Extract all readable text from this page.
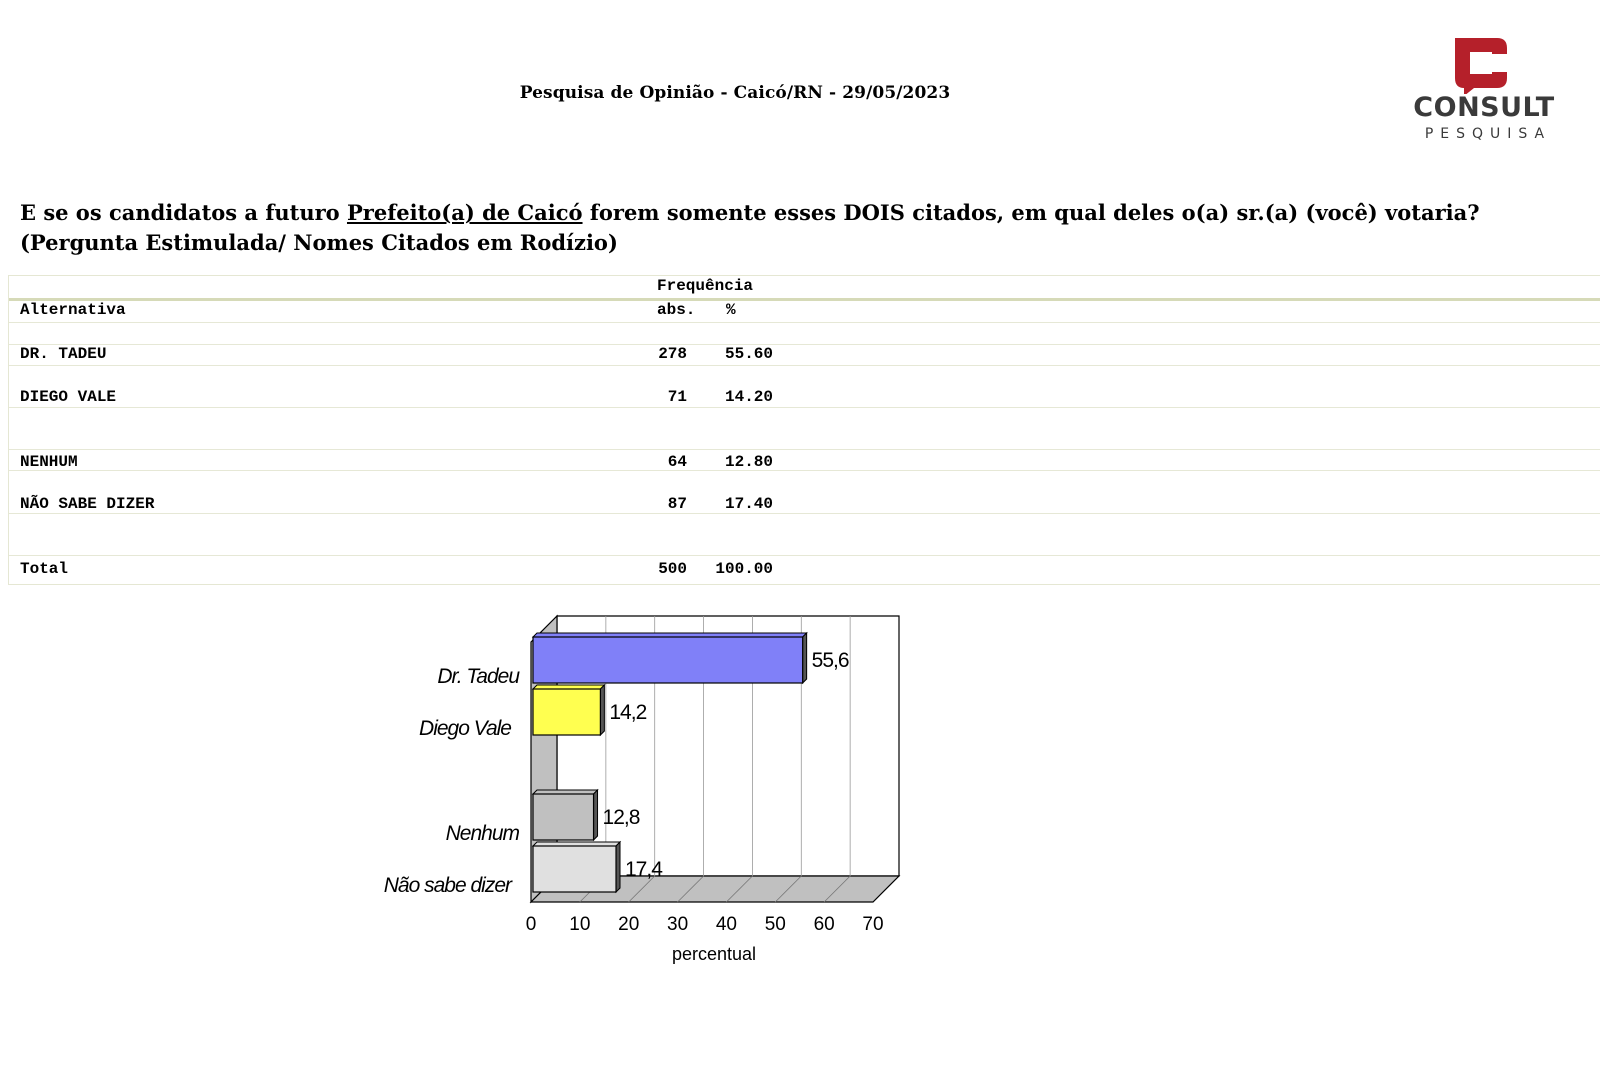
Pesquisa de Opinião - Caicó/RN - 29/05/2023	CONSULT
PESQUISA
E se os candidatos a futuro Prefeito(a) de Caicó forem somente esses DOIS citados, em qual deles o(a) sr.(a) (você) votaria?
(Pergunta Estimulada/ Nomes Citados em Rodízio)
Frequência
Alternativa	abs. %
DR. TADEU	278	55.60
DIEGO VALE	71	14.20
NENHUM	64	12.80
NÃO SABE DIZER	87	17.40
Total	500	100.00
55,6
Dr. Tadeu
14,2
Diego Vale
12,8
Nenhum
17,4
Não sabe dizer
0 10 20 30 40 50 60 70
percentual
